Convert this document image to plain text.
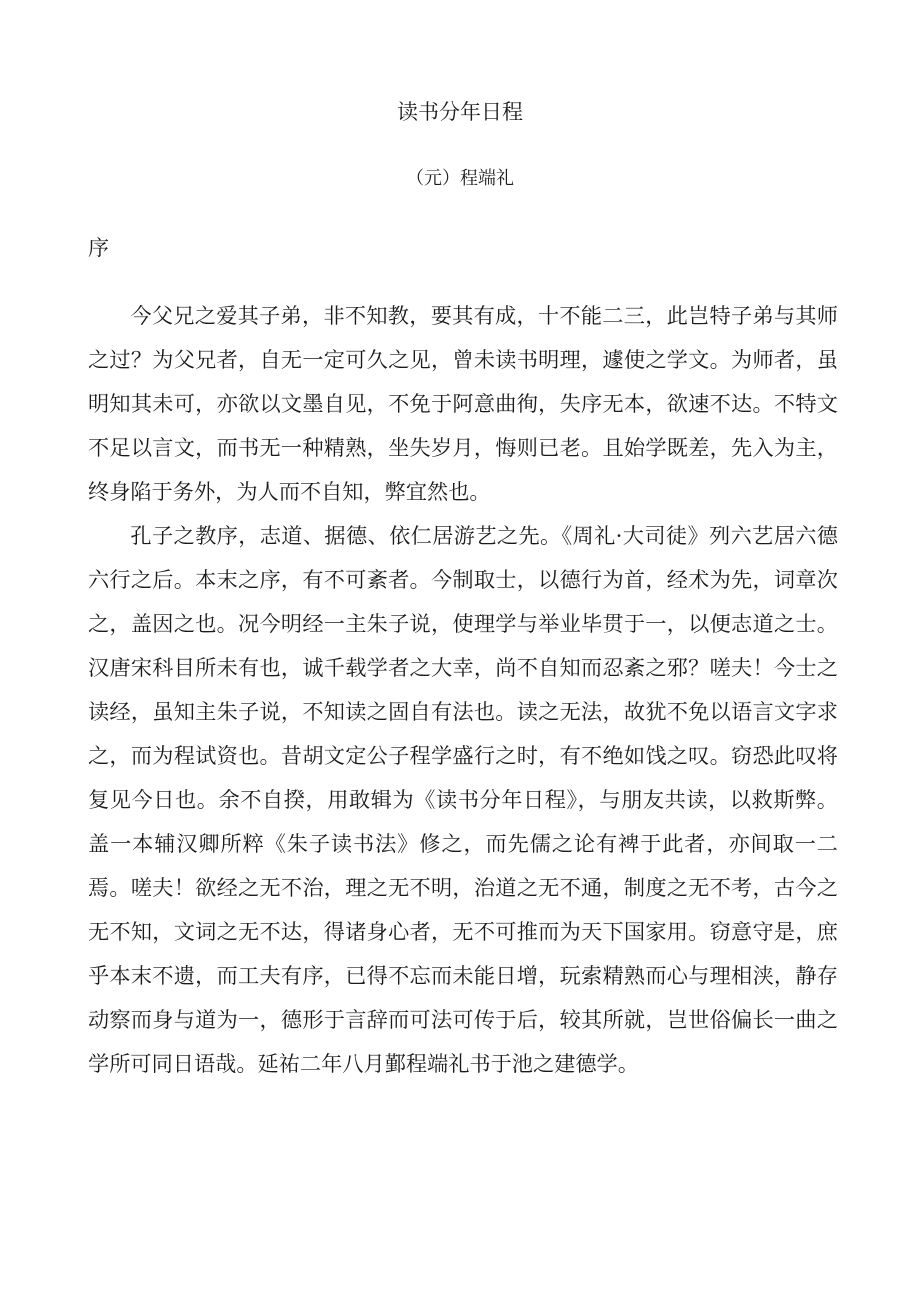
读书分年日程
（元）程端礼
序

今父兄之爱其子弟，非不知教，要其有成，十不能二三，此岂特子弟与其师之过？为父兄者，自无一定可久之见，曾未读书明理，遽使之学文。为师者，虽明知其未可，亦欲以文墨自见，不免于阿意曲徇，失序无本，欲速不达。不特文不足以言文，而书无一种精熟，坐失岁月，悔则已老。且始学既差，先入为主，终身陷于务外，为人而不自知，弊宜然也。

孔子之教序，志道、据德、依仁居游艺之先。《周礼·大司徒》列六艺居六德六行之后。本末之序，有不可紊者。今制取士，以德行为首，经术为先，词章次之，盖因之也。况今明经一主朱子说，使理学与举业毕贯于一，以便志道之士。汉唐宋科目所未有也，诚千载学者之大幸，尚不自知而忍紊之邪？嗟夫！今士之读经，虽知主朱子说，不知读之固自有法也。读之无法，故犹不免以语言文字求之，而为程试资也。昔胡文定公子程学盛行之时，有不绝如饯之叹。窃恐此叹将复见今日也。余不自揆，用敢辑为《读书分年日程》，与朋友共读，以救斯弊。盖一本辅汉卿所粹《朱子读书法》修之，而先儒之论有裨于此者，亦间取一二焉。嗟夫！欲经之无不治，理之无不明，治道之无不通，制度之无不考，古今之无不知，文词之无不达，得诸身心者，无不可推而为天下国家用。窃意守是，庶乎本末不遗，而工夫有序，已得不忘而未能日增，玩索精熟而心与理相浃，静存动察而身与道为一，德形于言辞而可法可传于后，较其所就，岂世俗偏长一曲之学所可同日语哉。延祐二年八月鄞程端礼书于池之建德学。
